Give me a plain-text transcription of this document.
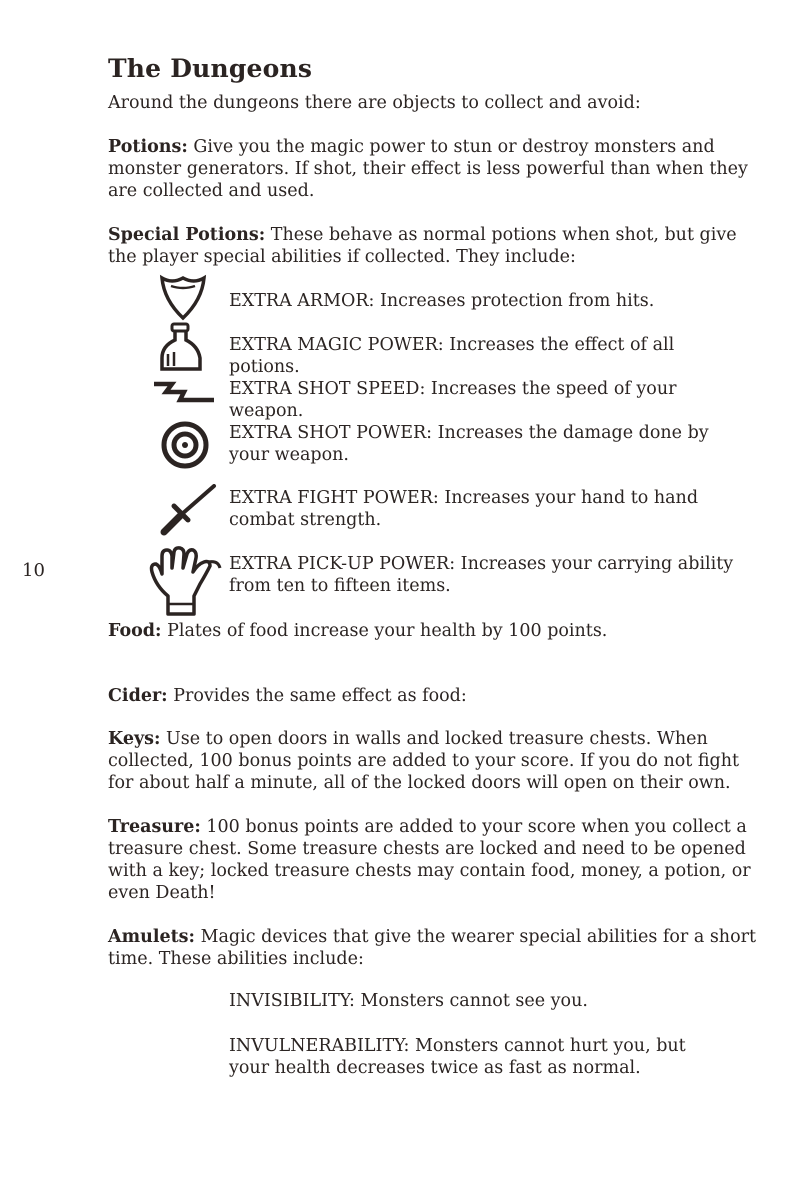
The Dungeons

Around the dungeons there are objects to collect and avoid:

Potions: Give you the magic power to stun or destroy monsters and monster generators. If shot, their effect is less powerful than when they are collected and used.

Special Potions: These behave as normal potions when shot, but give the player special abilities if collected. They include:

EXTRA ARMOR: Increases protection from hits.

EXTRA MAGIC POWER: Increases the effect of all potions.

EXTRA SHOT SPEED: Increases the speed of your weapon.

EXTRA SHOT POWER: Increases the damage done by your weapon.

EXTRA FIGHT POWER: Increases your hand to hand combat strength.

EXTRA PICK-UP POWER: Increases your carrying ability from ten to fifteen items.

10

Food: Plates of food increase your health by 100 points.

Cider: Provides the same effect as food:

Keys: Use to open doors in walls and locked treasure chests. When collected, 100 bonus points are added to your score. If you do not fight for about half a minute, all of the locked doors will open on their own.

Treasure: 100 bonus points are added to your score when you collect a treasure chest. Some treasure chests are locked and need to be opened with a key; locked treasure chests may contain food, money, a potion, or even Death!

Amulets: Magic devices that give the wearer special abilities for a short time. These abilities include:

INVISIBILITY: Monsters cannot see you.

INVULNERABILITY: Monsters cannot hurt you, but your health decreases twice as fast as normal.
